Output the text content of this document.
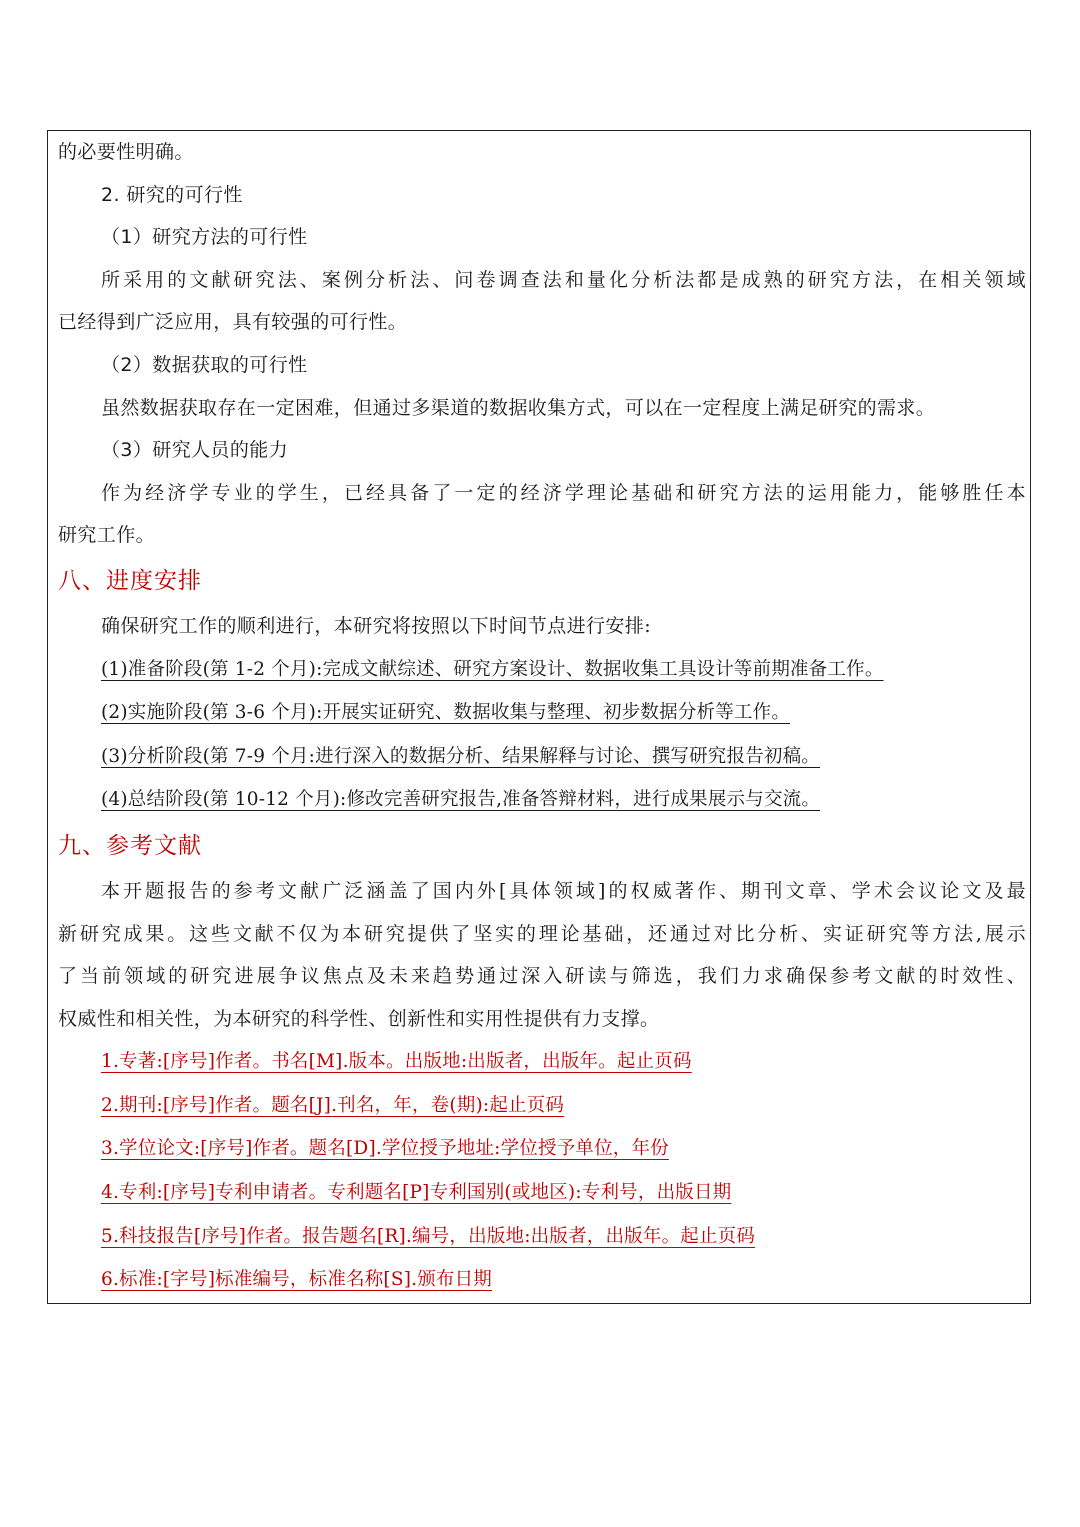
的必要性明确。
2. 研究的可行性
（1）研究方法的可行性
所采用的文献研究法、案例分析法、问卷调查法和量化分析法都是成熟的研究方法，在相关领域
已经得到广泛应用，具有较强的可行性。
（2）数据获取的可行性
虽然数据获取存在一定困难，但通过多渠道的数据收集方式，可以在一定程度上满足研究的需求。
（3）研究人员的能力
作为经济学专业的学生，已经具备了一定的经济学理论基础和研究方法的运用能力，能够胜任本
研究工作。
八、进度安排
确保研究工作的顺利进行，本研究将按照以下时间节点进行安排:
(1)准备阶段(第 1-2 个月):完成文献综述、研究方案设计、数据收集工具设计等前期准备工作。
(2)实施阶段(第 3-6 个月):开展实证研究、数据收集与整理、初步数据分析等工作。
(3)分析阶段(第 7-9 个月:进行深入的数据分析、结果解释与讨论、撰写研究报告初稿。
(4)总结阶段(第 10-12 个月):修改完善研究报告,准备答辩材料，进行成果展示与交流。
九、参考文献
本开题报告的参考文献广泛涵盖了国内外[具体领域]的权威著作、期刊文章、学术会议论文及最
新研究成果。这些文献不仅为本研究提供了坚实的理论基础，还通过对比分析、实证研究等方法,展示
了当前领域的研究进展争议焦点及未来趋势通过深入研读与筛选，我们力求确保参考文献的时效性、
权威性和相关性，为本研究的科学性、创新性和实用性提供有力支撑。
1.专著:[序号]作者。书名[M].版本。出版地:出版者，出版年。起止页码
2.期刊:[序号]作者。题名[J].刊名，年，卷(期):起止页码
3.学位论文:[序号]作者。题名[D].学位授予地址:学位授予单位，年份
4.专利:[序号]专利申请者。专利题名[P]专利国别(或地区):专利号，出版日期
5.科技报告[序号]作者。报告题名[R].编号，出版地:出版者，出版年。起止页码
6.标准:[字号]标准编号，标准名称[S].颁布日期
